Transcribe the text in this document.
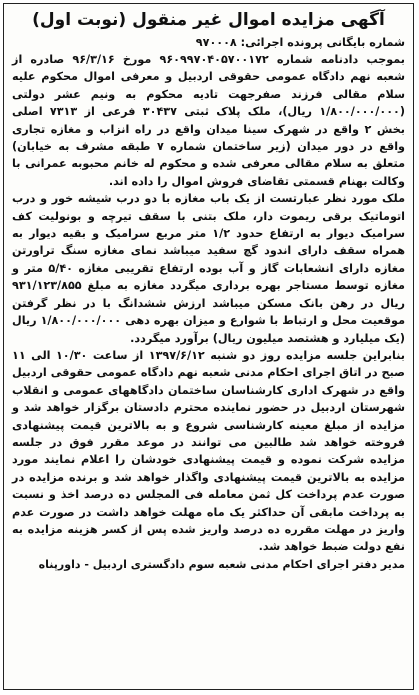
آگهی مزایده اموال غیر منقول (نوبت اول)
شماره بایگانی پرونده اجرائی: ۹۷۰۰۰۸

بموجب دادنامه شماره ۹۶۰۹۹۷۰۴۰۵۷۰۰۱۷۲ مورخ ۹۶/۳/۱۶ صادره از شعبه نهم دادگاه عمومی حقوقی اردبیل و معرفی اموال محکوم علیه سلام مقالی فرزند صفرجهت تادیه محکوم به ونیم عشر دولتی (۱/۸۰۰/۰۰۰/۰۰۰ ریال)، ملک پلاک ثبتی ۳۰۴۳۷ فرعی از ۷۳۱۳ اصلی بخش ۲ واقع در شهرک سینا میدان واقع در راه انزاب و مغازه تجاری واقع در دور میدان (زیر ساختمان شماره ۷ طبقه مشرف به خیابان) متعلق به سلام مقالی معرفی شده و محکوم له خانم محبوبه عمرانی با وکالت بهنام قسمتی تقاضای فروش اموال را داده اند.

ملک مورد نظر عبارتست از یک باب مغازه با دو درب شیشه خور و درب اتوماتیک برقی ریموت دار، ملک بتنی با سقف تیرچه و بونولیت کف سرامیک دیوار به ارتفاع حدود ۱/۲ متر مربع سرامیک و بقیه دیوار به همراه سقف دارای اندود گچ سفید میباشد نمای مغازه سنگ تراورتن مغازه دارای انشعابات گاز و آب بوده ارتفاع تقریبی مغازه ۵/۴۰ متر و مغازه توسط مستاجر بهره برداری میگردد مغازه به مبلغ ۹۳۱/۱۲۳/۸۵۵ ریال در رهن بانک مسکن میباشد ارزش ششدانگ با در نظر گرفتن موقعیت محل و ارتباط با شوارع و میزان بهره دهی ۱/۸۰۰/۰۰۰/۰۰۰ ریال (یک میلیارد و هشتصد میلیون ریال) برآورد میگردد.

بنابراین جلسه مزایده روز دو شنبه ۱۳۹۷/۶/۱۲ از ساعت ۱۰/۳۰ الی ۱۱ صبح در اتاق اجرای احکام مدنی شعبه نهم دادگاه عمومی حقوقی اردبیل واقع در شهرک اداری کارشناسان ساختمان دادگاههای عمومی و انقلاب شهرستان اردبیل در حضور نماینده محترم دادستان برگزار خواهد شد و مزایده از مبلغ معینه کارشناسی شروع و به بالاترین قیمت پیشنهادی فروخته خواهد شد طالبین می توانند در موعد مقرر فوق در جلسه مزایده شرکت نموده و قیمت پیشنهادی خودشان را اعلام نمایند مورد مزایده به بالاترین قیمت پیشنهادی واگذار خواهد شد و برنده مزایده در صورت عدم پرداخت کل ثمن معامله فی المجلس ده درصد اخذ و نسبت به پرداخت مابقی آن حداکثر یک ماه مهلت خواهد داشت در صورت عدم واریز در مهلت مقرره ده درصد واریز شده پس از کسر هزینه مزایده به نفع دولت ضبط خواهد شد.

مدیر دفتر اجرای احکام مدنی شعبه سوم دادگستری اردبیل - داورپناه
